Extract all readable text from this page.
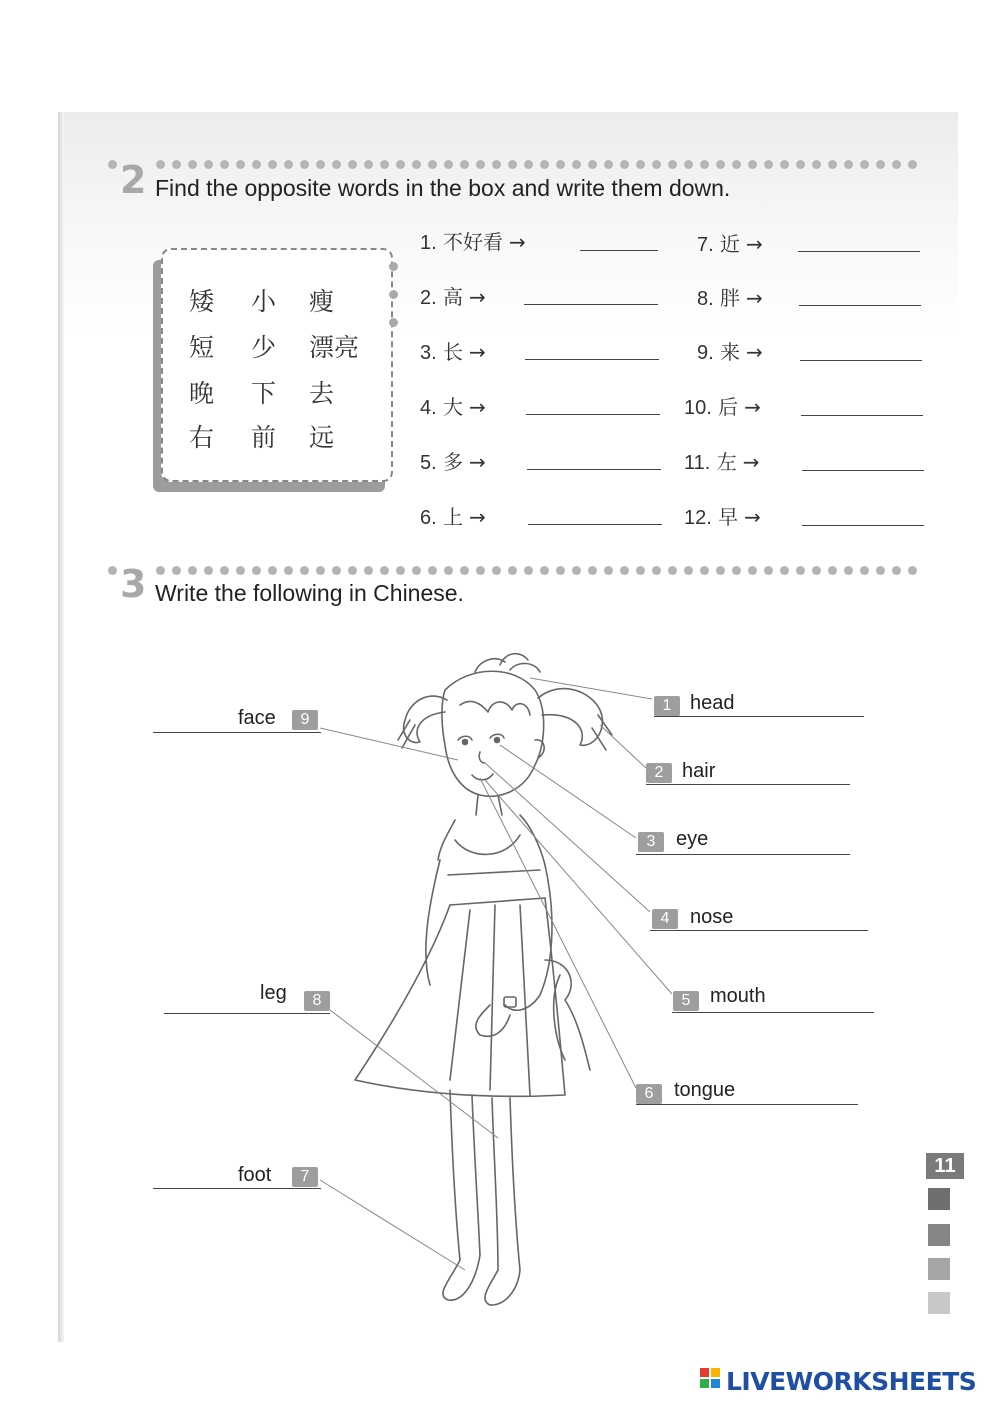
2 Find the opposite words in the box and write them down.
矮 小 瘦
短 少 漂亮
晚 下 去
右 前 远
1. 不好看 →
2. 高 →
3. 长 →
4. 大 →
5. 多 →
6. 上 →
7. 近 →
8. 胖 →
9. 来 →
10. 后 →
11. 左 →
12. 早 →
3 Write the following in Chinese.
1 head
2 hair
3	eye
4	nose
5 mouth
6	tongue
face	9
leg	8
foot	7	11
LIVEWORKSHEETS
